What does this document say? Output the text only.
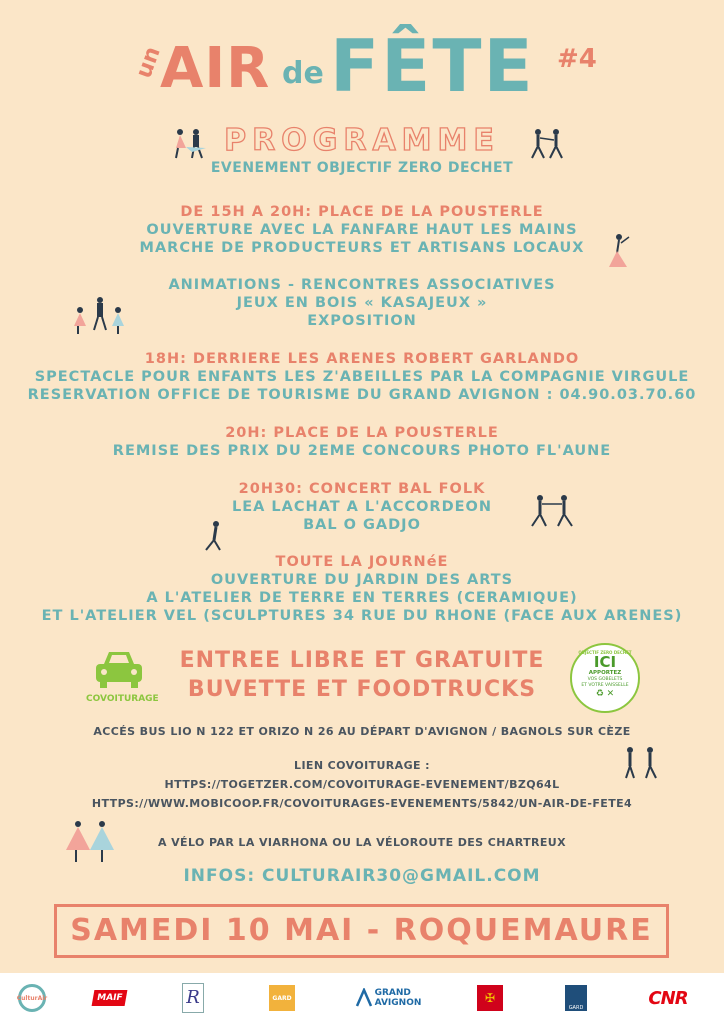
un
AIR de FÊTE #4
PROGRAMME
EVENEMENT OBJECTIF ZERO DECHET
DE 15H A 20H: PLACE DE LA POUSTERLE
OUVERTURE AVEC LA FANFARE HAUT LES MAINS
MARCHE DE PRODUCTEURS ET ARTISANS LOCAUX
ANIMATIONS - RENCONTRES ASSOCIATIVES
JEUX EN BOIS « KASAJEUX »
EXPOSITION
18H: DERRIERE LES ARENES ROBERT GARLANDO
SPECTACLE POUR ENFANTS LES Z'ABEILLES PAR LA COMPAGNIE VIRGULE
RESERVATION OFFICE DE TOURISME DU GRAND AVIGNON : 04.90.03.70.60
20H: PLACE DE LA POUSTERLE
REMISE DES PRIX DU 2EME CONCOURS PHOTO FL'AUNE
20H30: CONCERT BAL FOLK
LEA LACHAT A L'ACCORDEON
BAL O GADJO
TOUTE LA JOURNéE
OUVERTURE DU JARDIN DES ARTS
A L'ATELIER DE TERRE EN TERRES (CERAMIQUE)
ET L'ATELIER VEL (SCULPTURES 34 RUE DU RHONE (FACE AUX ARENES)
COVOITURAGE
ENTREE LIBRE ET GRATUITE
BUVETTE ET FOODTRUCKS
OBJECTIF ZERO DECHET
ICI
APPORTEZ
VOS GOBELETS
ET VOTRE VAISSELLE
♻ ✕
ACCÉS BUS LIO N 122 ET ORIZO N 26 AU DÉPART D'AVIGNON / BAGNOLS SUR CÈZE
LIEN COVOITURAGE :
HTTPS://TOGETZER.COM/COVOITURAGE-EVENEMENT/BZQ64L
HTTPS://WWW.MOBICOOP.FR/COVOITURAGES-EVENEMENTS/5842/UN-AIR-DE-FETE4
A VÉLO PAR LA VIARHONA OU LA VÉLOROUTE DES CHARTREUX
INFOS: CULTURAIR30@GMAIL.COM
SAMEDI 10 MAI - ROQUEMAURE
CulturAir	MAIF	R	GARD	GRAND
AVIGNON	✠
GARD	CNR
